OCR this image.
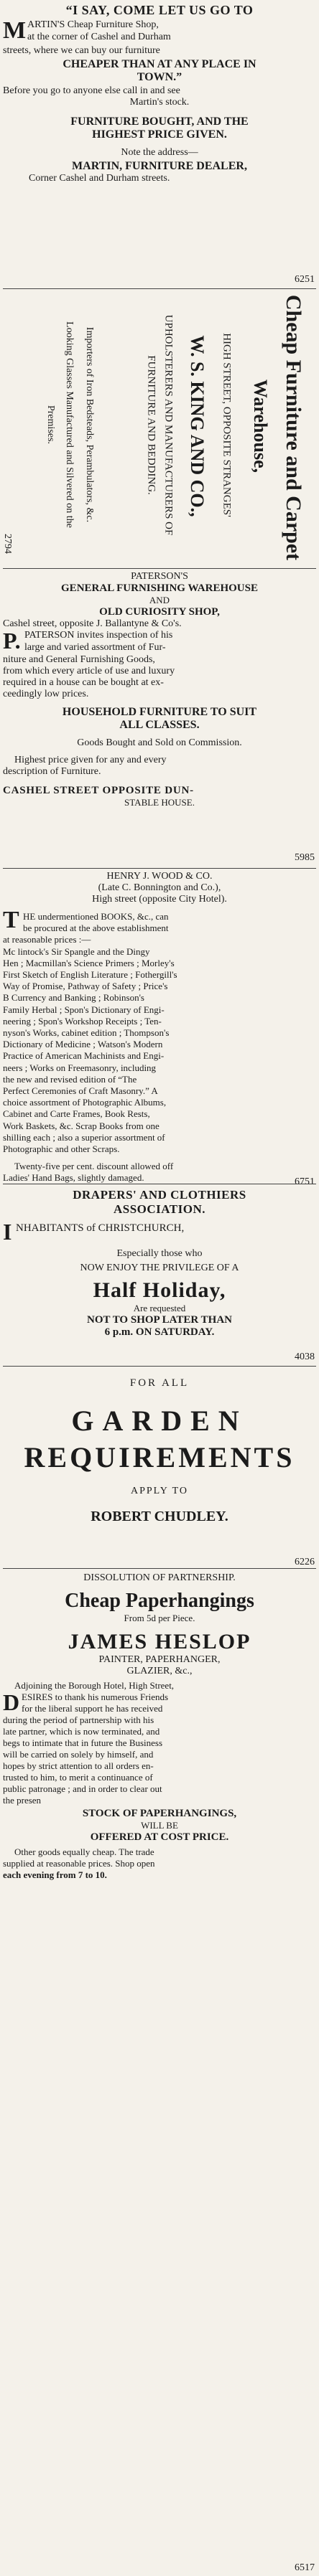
“I SAY, COME LET US GO TO
M ARTIN'S Cheap Furniture Shop,
at the corner of Cashel and Durham
streets, where we can buy our furniture
CHEAPER THAN AT ANY PLACE IN
TOWN.”
Before you go to anyone else call in and see
Martin's stock.
FURNITURE BOUGHT, AND THE
HIGHEST PRICE GIVEN.
Note the address—
MARTIN, FURNITURE DEALER,
Corner Cashel and Durham streets.
6251
Cheap Furniture and Carpet
Warehouse,
HIGH STREET, OPPOSITE STRANGES'
W. S. KING AND CO.,
UPHOLSTERERS AND MANUFACTURERS OF
FURNITURE AND BEDDING.
Importers of Iron Bedsteads, Perambulators, &c.
Looking Glasses Manufactured and Silvered on the
Premises.
2794
PATERSON'S
GENERAL FURNISHING WAREHOUSE
AND
OLD CURIOSITY SHOP,
Cashel street, opposite J. Ballantyne & Co's.
P. PATERSON invites inspection of his
large and varied assortment of Fur-
niture and General Furnishing Goods,
from which every article of use and luxury
required in a house can be bought at ex-
ceedingly low prices.
HOUSEHOLD FURNITURE TO SUIT
ALL CLASSES.
Goods Bought and Sold on Commission.
Highest price given for any and every
description of Furniture.
CASHEL STREET OPPOSITE DUN-
STABLE HOUSE.
5985
HENRY J. WOOD & CO.
(Late C. Bonnington and Co.),
High street (opposite City Hotel).
T HE undermentioned BOOKS, &c., can
be procured at the above establishment
at reasonable prices :—
Mc lintock's Sir Spangle and the Dingy
Hen ; Macmillan's Science Primers ; Morley's
First Sketch of English Literature ; Fothergill's
Way of Promise, Pathway of Safety ; Price's
B Currency and Banking ; Robinson's
Family Herbal ; Spon's Dictionary of Engi-
neering ; Spon's Workshop Receipts ; Ten-
nyson's Works, cabinet edition ; Thompson's
Dictionary of Medicine ; Watson's Modern
Practice of American Machinists and Engi-
neers ; Works on Freemasonry, including
the new and revised edition of “The
Perfect Ceremonies of Craft Masonry.” A
choice assortment of Photographic Albums,
Cabinet and Carte Frames, Book Rests,
Work Baskets, &c. Scrap Books from one
shilling each ; also a superior assortment of
Photographic and other Scraps.
Twenty-five per cent. discount allowed off
Ladies' Hand Bags, slightly damaged.	6751
DRAPERS' AND CLOTHIERS
ASSOCIATION.
I NHABITANTS of CHRISTCHURCH,
Especially those who
NOW ENJOY THE PRIVILEGE OF A
Half Holiday,
Are requested
NOT TO SHOP LATER THAN
6 p.m. ON SATURDAY.
4038
FOR ALL
GARDEN
REQUIREMENTS
APPLY TO
ROBERT CHUDLEY.
6226
DISSOLUTION OF PARTNERSHIP.
Cheap Paperhangings
From 5d per Piece.
JAMES HESLOP
PAINTER, PAPERHANGER,
GLAZIER, &c.,
Adjoining the Borough Hotel, High Street,
D ESIRES to thank his numerous Friends
for the liberal support he has received
during the period of partnership with his
late partner, which is now terminated, and
begs to intimate that in future the Business
will be carried on solely by himself, and
hopes by strict attention to all orders en-
trusted to him, to merit a continuance of
public patronage ; and in order to clear out
the presen
STOCK OF PAPERHANGINGS,
WILL BE
OFFERED AT COST PRICE.
Other goods equally cheap. The trade
supplied at reasonable prices. Shop open
each evening from 7 to 10.
6517
